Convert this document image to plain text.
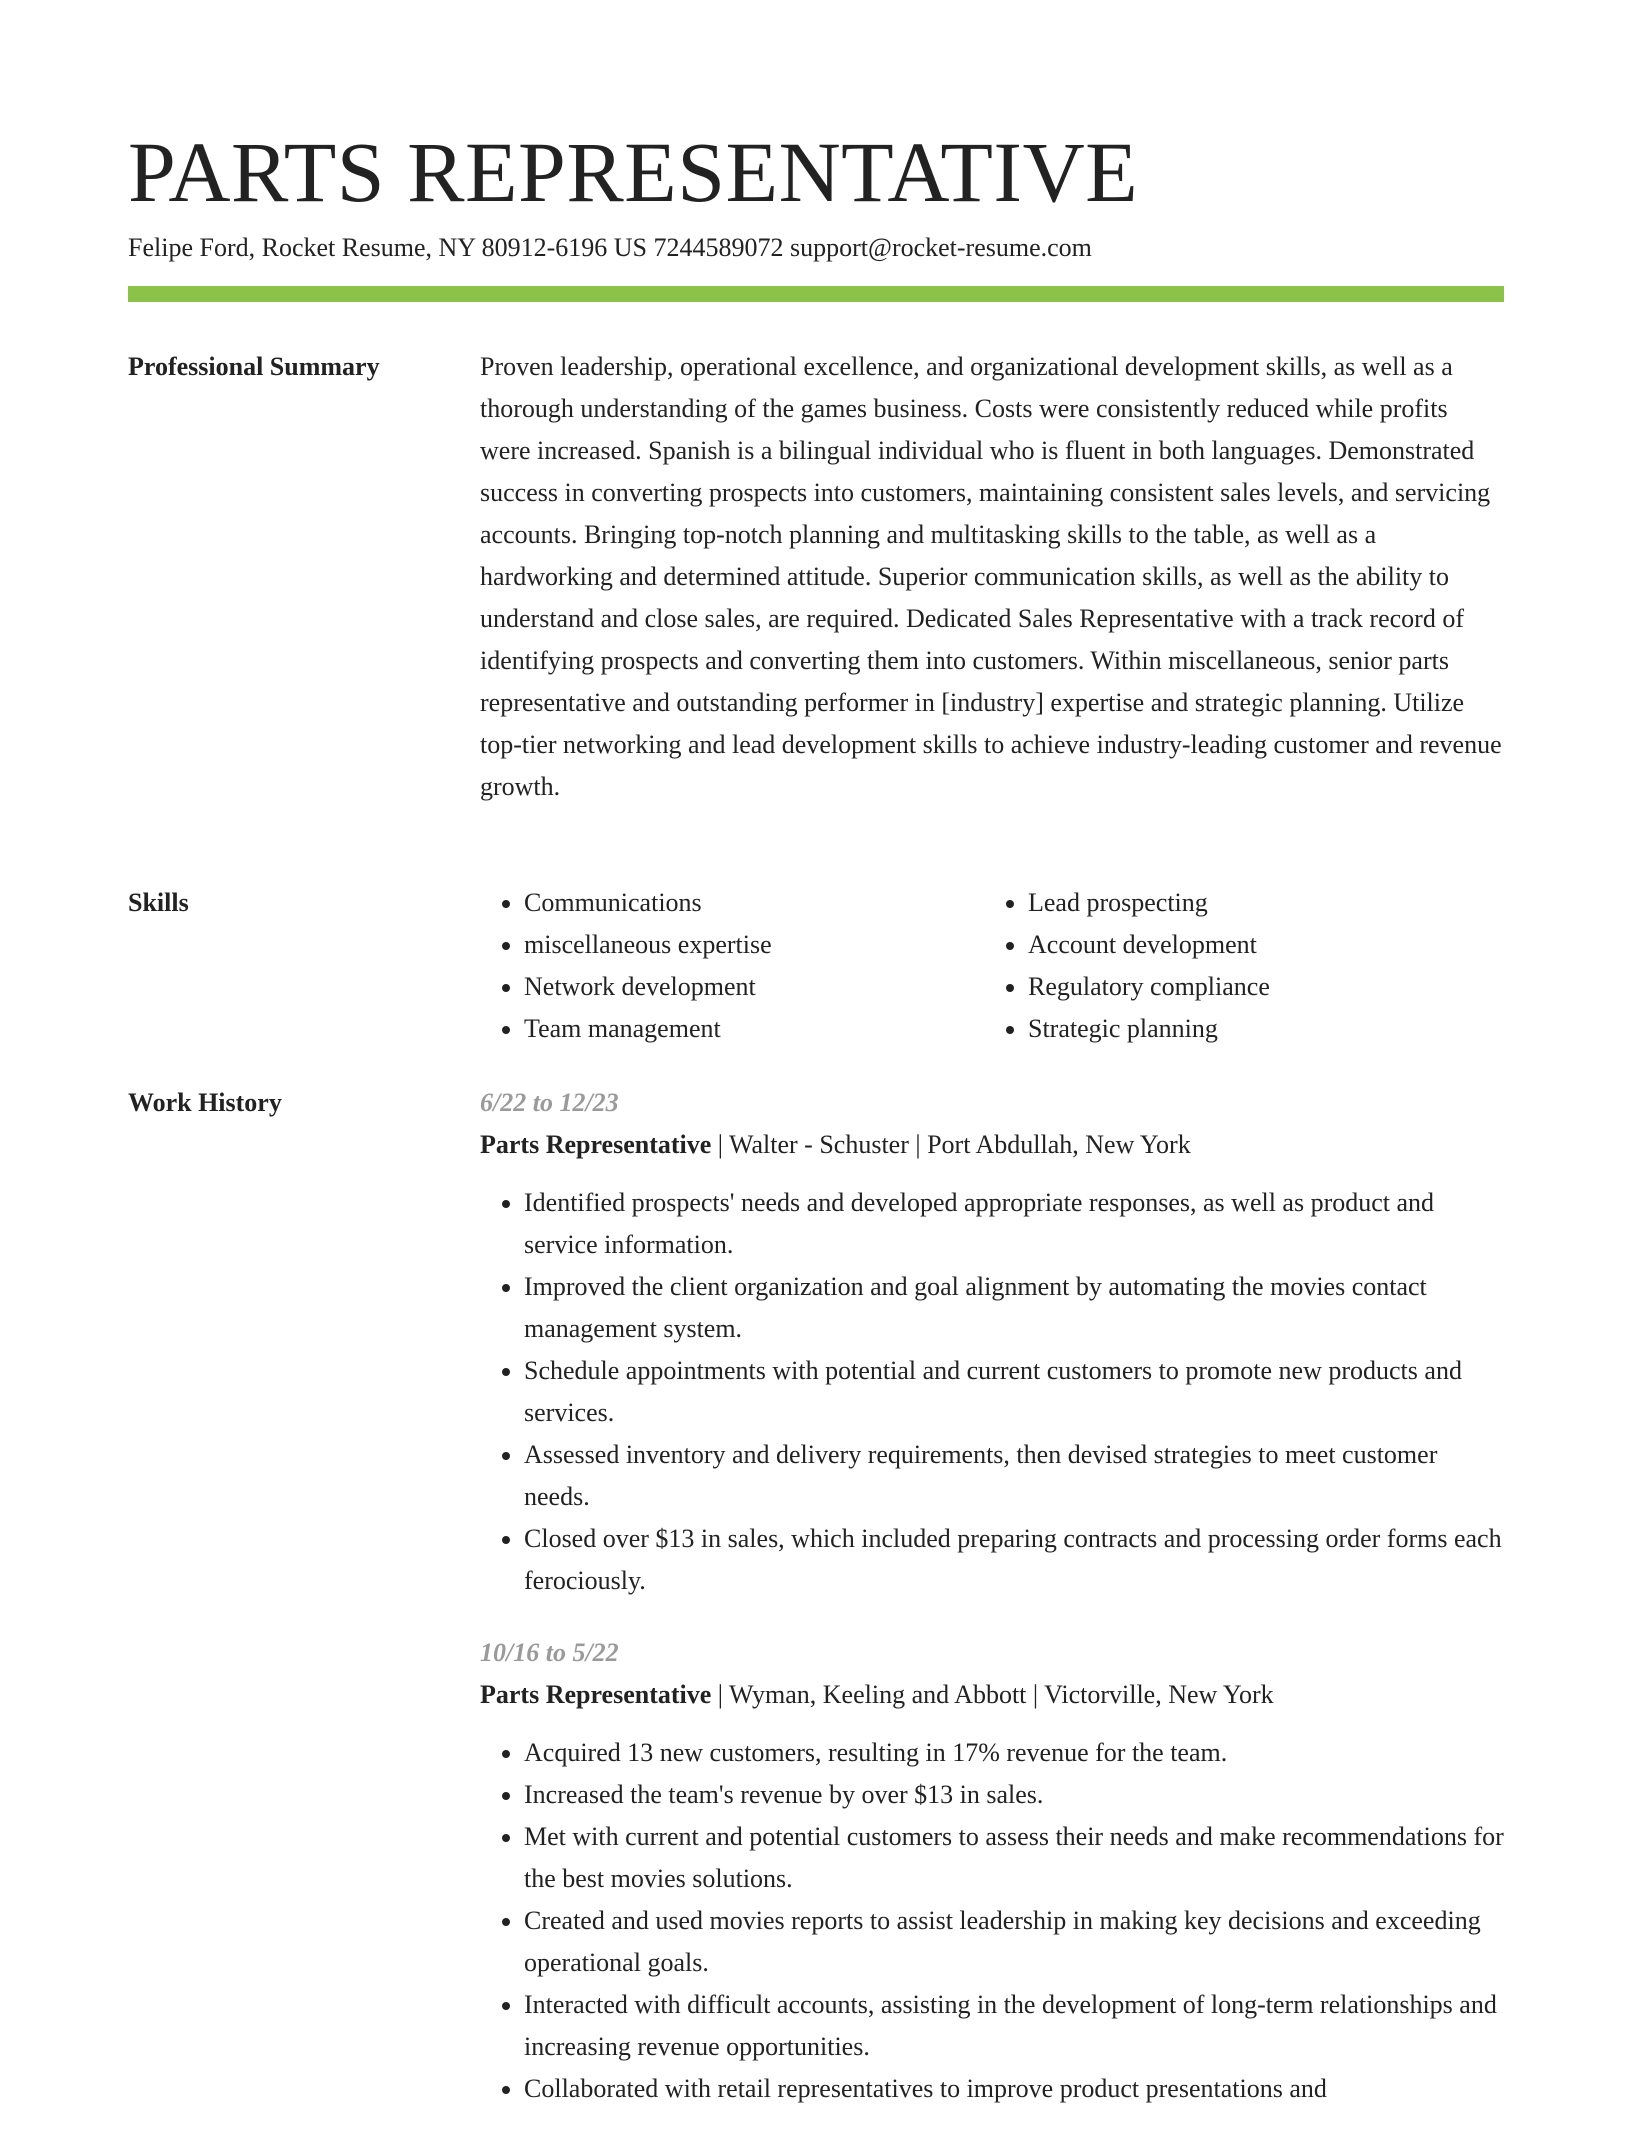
PARTS REPRESENTATIVE
Felipe Ford, Rocket Resume, NY 80912-6196 US 7244589072 support@rocket-resume.com
Professional Summary	Proven leadership, operational excellence, and organizational development skills, as well as a thorough understanding of the games business. Costs were consistently reduced while profits were increased. Spanish is a bilingual individual who is fluent in both languages. Demonstrated success in converting prospects into customers, maintaining consistent sales levels, and servicing accounts. Bringing top-notch planning and multitasking skills to the table, as well as a hardworking and determined attitude. Superior communication skills, as well as the ability to understand and close sales, are required. Dedicated Sales Representative with a track record of identifying prospects and converting them into customers. Within miscellaneous, senior parts representative and outstanding performer in [industry] expertise and strategic planning. Utilize top-tier networking and lead development skills to achieve industry-leading customer and revenue growth.

Skills
•	Communications
• miscellaneous expertise
• Network development
• Team management
• Lead prospecting
• Account development
• Regulatory compliance
• Strategic planning
Work History	6/22 to 12/23
Parts Representative | Walter - Schuster | Port Abdullah, New York
• Identified prospects' needs and developed appropriate responses, as well as product and service information.
• Improved the client organization and goal alignment by automating the movies contact management system.
• Schedule appointments with potential and current customers to promote new products and services.
• Assessed inventory and delivery requirements, then devised strategies to meet customer needs.
• Closed over $13 in sales, which included preparing contracts and processing order forms each ferociously.
10/16 to 5/22
Parts Representative | Wyman, Keeling and Abbott | Victorville, New York
• Acquired 13 new customers, resulting in 17% revenue for the team.
• Increased the team's revenue by over $13 in sales.
• Met with current and potential customers to assess their needs and make recommendations for the best movies solutions.
• Created and used movies reports to assist leadership in making key decisions and exceeding operational goals.
• Interacted with difficult accounts, assisting in the development of long-term relationships and increasing revenue opportunities.
• Collaborated with retail representatives to improve product presentations and
